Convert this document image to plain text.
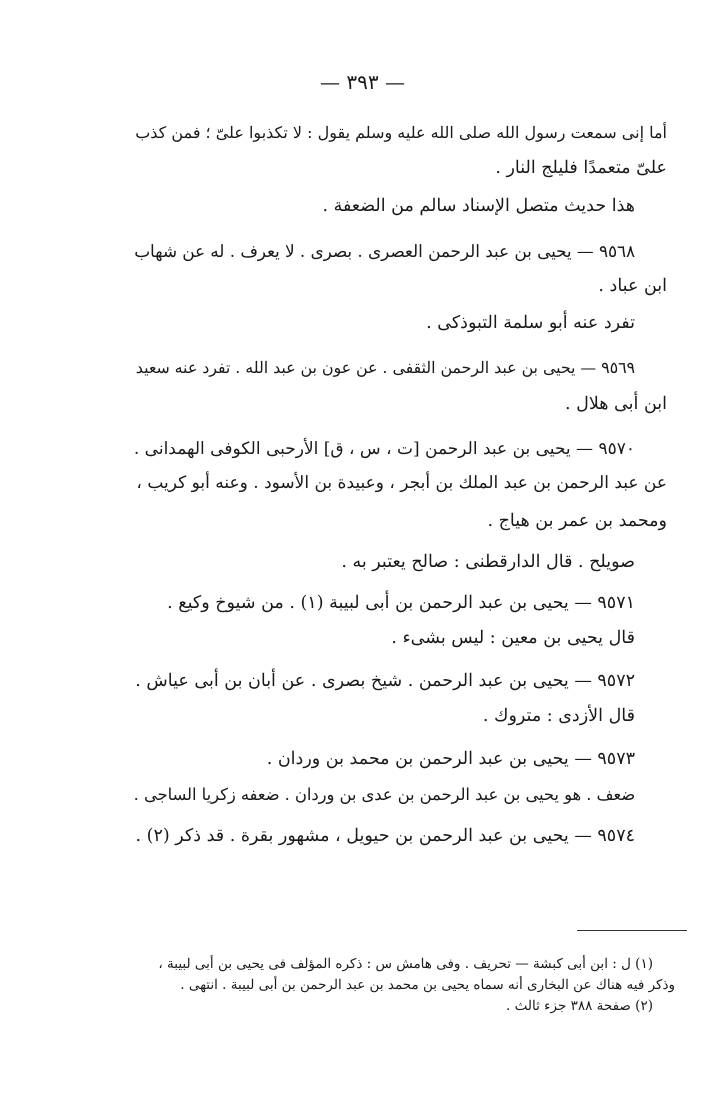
— ٣٩٣ —

أما إنى سمعت رسول الله صلى الله عليه وسلم يقول : لا تكذبوا علىّ ؛ فمن كذب

علىّ متعمدًا فليلج النار .

هذا حديث متصل الإسناد سالم من الضعفة .

٩٥٦٨ — يحيى بن عبد الرحمن العصرى . بصرى . لا يعرف . له عن شهاب

ابن عباد .

تفرد عنه أبو سلمة التبوذكى .

٩٥٦٩ — يحيى بن عبد الرحمن الثقفى . عن عون بن عبد الله . تفرد عنه سعيد

ابن أبى هلال .

٩٥٧٠ — يحيى بن عبد الرحمن [ت ، س ، ق] الأرحبى الكوفى الهمدانى .

عن عبد الرحمن بن عبد الملك بن أبجر ، وعبيدة بن الأسود . وعنه أبو كريب ،

ومحمد بن عمر بن هياج .

صويلح . قال الدارقطنى : صالح يعتبر به .

٩٥٧١ — يحيى بن عبد الرحمن بن أبى لبيبة (١) . من شيوخ وكيع .

قال يحيى بن معين : ليس بشىء .

٩٥٧٢ — يحيى بن عبد الرحمن . شيخ بصرى . عن أبان بن أبى عياش .

قال الأزدى : متروك .

٩٥٧٣ — يحيى بن عبد الرحمن بن محمد بن وردان .

ضعف . هو يحيى بن عبد الرحمن بن عدى بن وردان . ضعفه زكريا الساجى .

٩٥٧٤ — يحيى بن عبد الرحمن بن حيويل ، مشهور بقرة . قد ذكر (٢) .

(١) ل : ابن أبى كبشة — تحريف . وفى هامش س : ذكره المؤلف فى يحيى بن أبى لبيبة ،

وذكر فيه هناك عن البخارى أنه سماه يحيى بن محمد بن عبد الرحمن بن أبى لبيبة . انتهى .

(٢) صفحة ٣٨٨ جزء ثالث .
